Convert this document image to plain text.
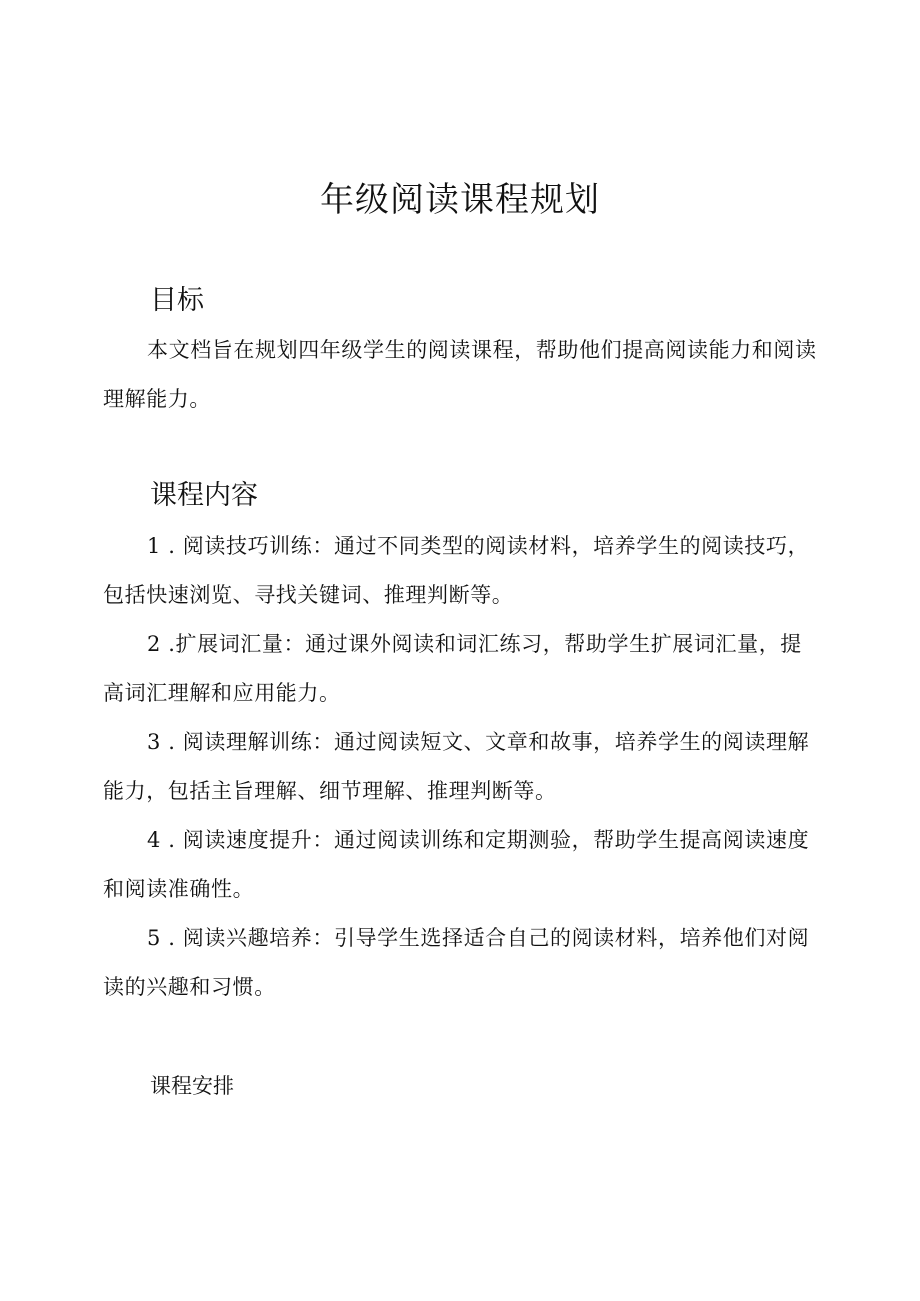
年级阅读课程规划
目标

本文档旨在规划四年级学生的阅读课程，帮助他们提高阅读能力和阅读理解能力。

课程内容

1 . 阅读技巧训练：通过不同类型的阅读材料，培养学生的阅读技巧，包括快速浏览、寻找关键词、推理判断等。

2 .扩展词汇量：通过课外阅读和词汇练习，帮助学生扩展词汇量，提高词汇理解和应用能力。

3 . 阅读理解训练：通过阅读短文、文章和故事，培养学生的阅读理解能力，包括主旨理解、细节理解、推理判断等。

4 . 阅读速度提升：通过阅读训练和定期测验，帮助学生提高阅读速度和阅读准确性。

5 . 阅读兴趣培养：引导学生选择适合自己的阅读材料，培养他们对阅读的兴趣和习惯。

课程安排
